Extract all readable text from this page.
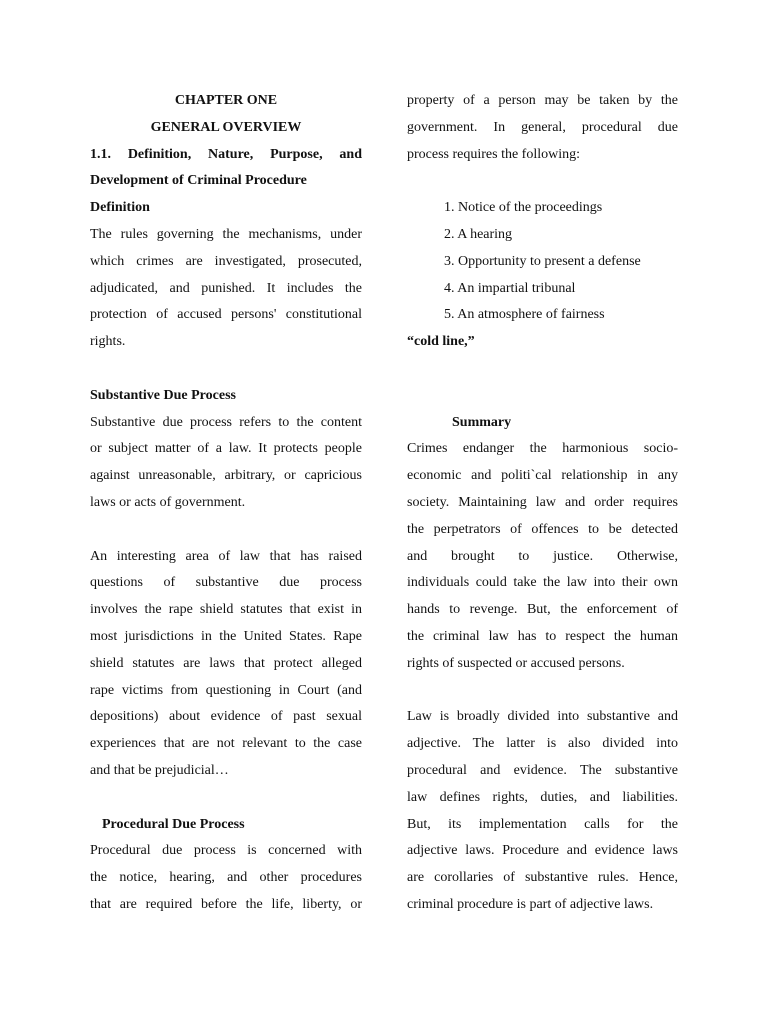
CHAPTER ONE
GENERAL OVERVIEW
1.1. Definition, Nature, Purpose, and
Development of Criminal Procedure
Definition
The rules governing the mechanisms, under
which crimes are investigated, prosecuted,
adjudicated, and punished. It includes the
protection of accused persons' constitutional
rights.
Substantive Due Process
Substantive due process refers to the content
or subject matter of a law. It protects people
against unreasonable, arbitrary, or capricious
laws or acts of government.
An interesting area of law that has raised
questions of substantive due process
involves the rape shield statutes that exist in
most jurisdictions in the United States. Rape
shield statutes are laws that protect alleged
rape victims from questioning in Court (and
depositions) about evidence of past sexual
experiences that are not relevant to the case
and that be prejudicial…
Procedural Due Process
Procedural due process is concerned with
the notice, hearing, and other procedures
that are required before the life, liberty, or
property of a person may be taken by the
government. In general, procedural due
process requires the following:
1. Notice of the proceedings
2. A hearing
3. Opportunity to present a defense
4. An impartial tribunal
5. An atmosphere of fairness
“cold line,”
Summary
Crimes endanger the harmonious socio-
economic and politi`cal relationship in any
society. Maintaining law and order requires
the perpetrators of offences to be detected
and brought to justice. Otherwise,
individuals could take the law into their own
hands to revenge. But, the enforcement of
the criminal law has to respect the human
rights of suspected or accused persons.
Law is broadly divided into substantive and
adjective. The latter is also divided into
procedural and evidence. The substantive
law defines rights, duties, and liabilities.
But, its implementation calls for the
adjective laws. Procedure and evidence laws
are corollaries of substantive rules. Hence,
criminal procedure is part of adjective laws.
